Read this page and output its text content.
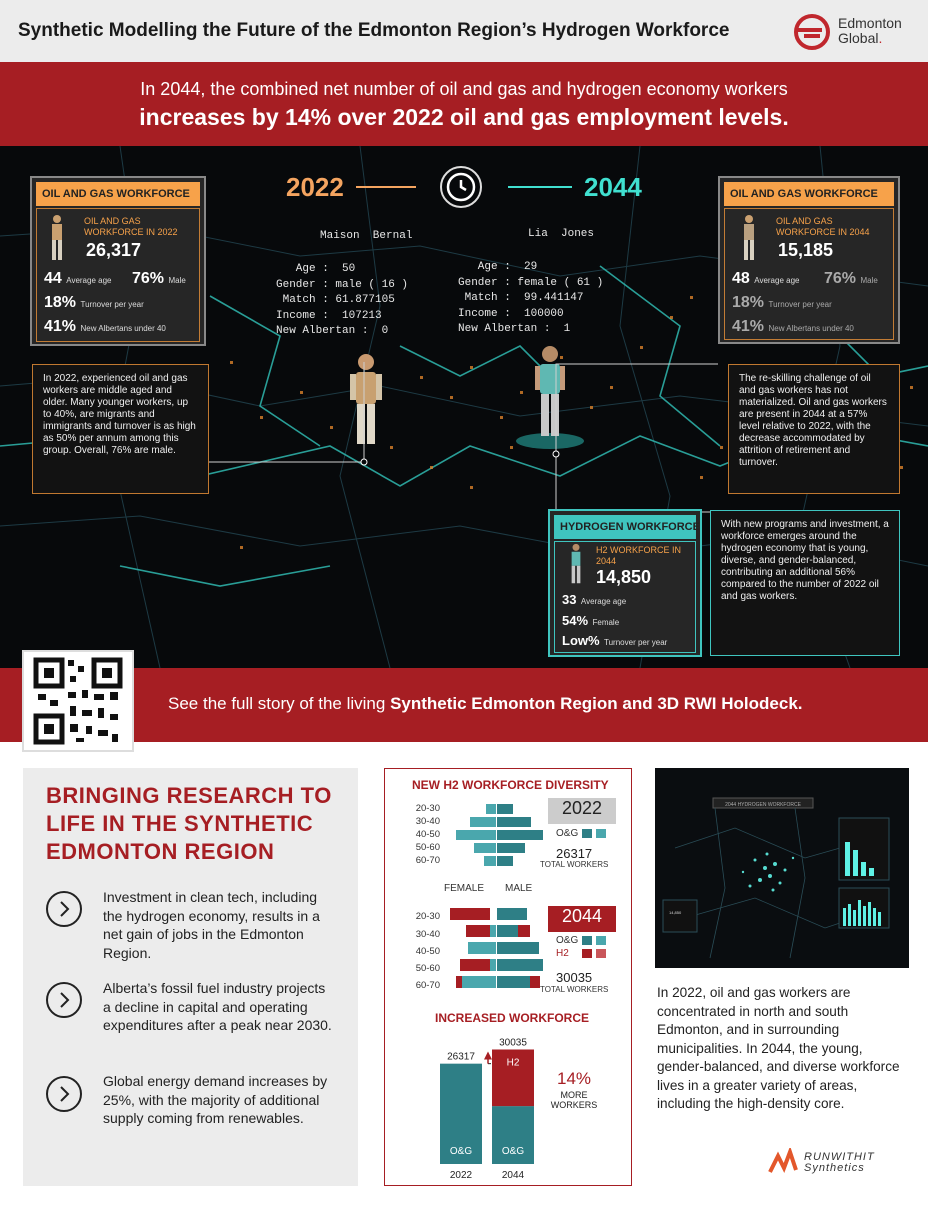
Synthetic Modelling the Future of the Edmonton Region’s Hydrogen Workforce	Edmonton
Global.
In 2044, the combined net number of oil and gas and hydrogen economy workers
increases by 14% over 2022 oil and gas employment levels.
2022	2044
Maison  Bernal
Age :  50
Gender : male ( 16 )
Match : 61.877105
Income :  107213
New Albertan :  0
Lia  Jones
Age :  29
Gender : female ( 61 )
Match :  99.441147
Income :  100000
New Albertan :  1
OIL AND GAS WORKFORCE
OIL AND GAS WORKFORCE IN 2022
26,317
44 Average age 76% Male
18% Turnover per year
41% New Albertans under 40
OIL AND GAS WORKFORCE
OIL AND GAS WORKFORCE IN 2044
15,185
48 Average age 76% Male
18% Turnover per year
41% New Albertans under 40
In 2022, experienced oil and gas workers are middle aged and older. Many younger workers, up to 40%, are migrants and immigrants and turnover is as high as 50% per annum among this group. Overall, 76% are male.
The re-skilling challenge of oil and gas workers has not materialized. Oil and gas workers are present in 2044 at a 57% level relative to 2022, with the decrease accommodated by attrition of retirement and turnover.
With new programs and investment, a workforce emerges around the hydrogen economy that is young, diverse, and gender-balanced, contributing an additional 56% compared to the number of 2022 oil and gas workers.
HYDROGEN WORKFORCE
H2 WORKFORCE IN 2044
14,850
33 Average age
54% Female
Low% Turnover per year
See the full story of the living Synthetic Edmonton Region and 3D RWI Holodeck.
BRINGING RESEARCH TO LIFE IN THE SYNTHETIC EDMONTON REGION
Investment in clean tech, including the hydrogen economy, results in a net gain of jobs in the Edmonton Region.
Alberta’s fossil fuel industry projects a decline in capital and operating expenditures after a peak near 2030.
Global energy demand increases by 25%, with the majority of additional supply coming from renewables.
NEW H2 WORKFORCE DIVERSITY
20-30
30-40
40-50
50-60
60-70
2022
O&G
26317
TOTAL WORKERS
FEMALE MALE
20-30
30-40
40-50
50-60
60-70
2044
O&G
H2
30035
TOTAL WORKERS
INCREASED WORKFORCE
O&G
26317
2022
O&G
H2
30035
2044
14%
MORE
WORKERS
2044 HYDROGEN WORKFORCE
14,850
In 2022, oil and gas workers are concentrated in north and south Edmonton, and in surrounding municipalities. In 2044, the young, gender-balanced, and diverse workforce lives in a greater variety of areas, including the high-density core.
RUNWITHIT
Synthetics
